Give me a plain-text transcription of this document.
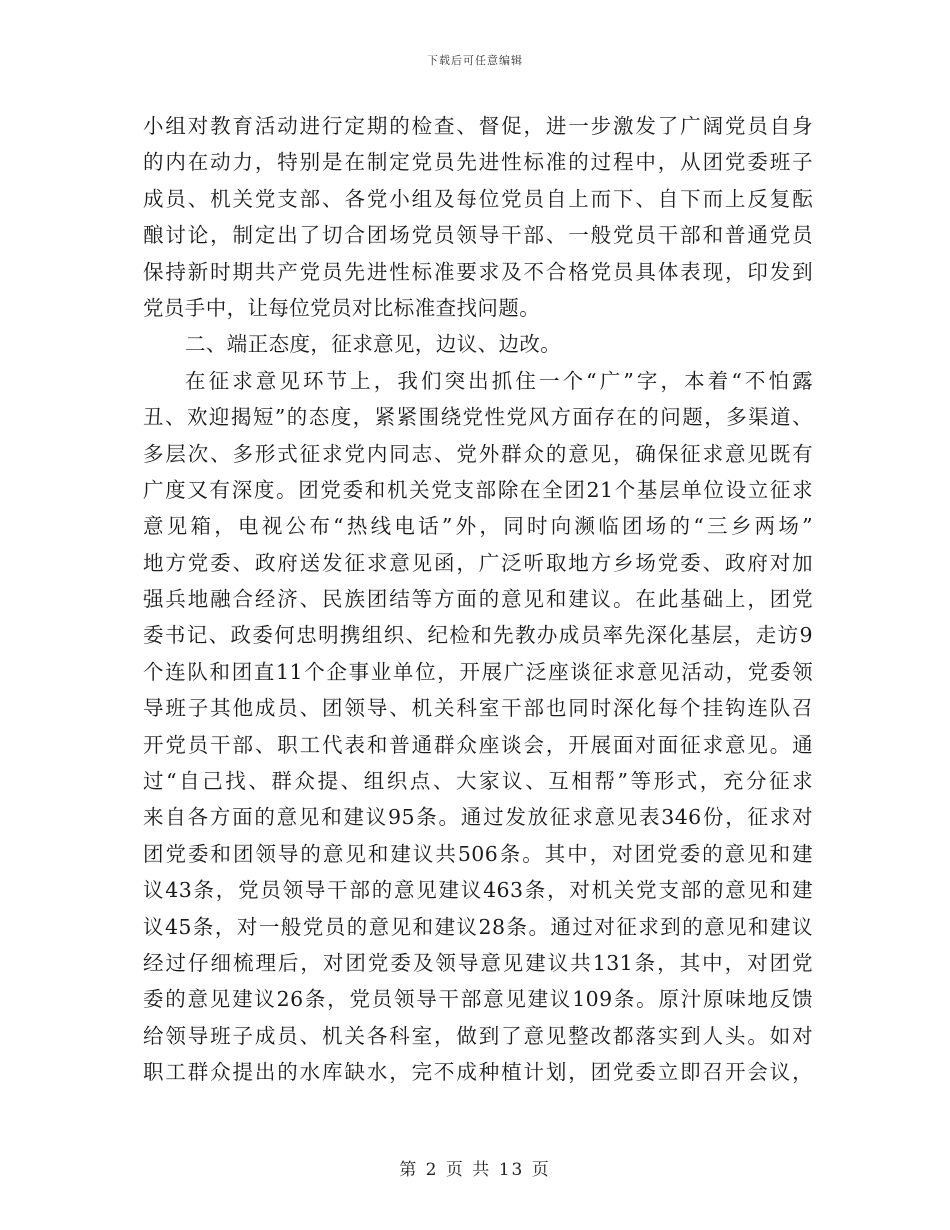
下载后可任意编辑
小组对教育活动进行定期的检查、督促，进一步激发了广阔党员自身
的内在动力，特别是在制定党员先进性标准的过程中，从团党委班子
成员、机关党支部、各党小组及每位党员自上而下、自下而上反复酝
酿讨论，制定出了切合团场党员领导干部、一般党员干部和普通党员
保持新时期共产党员先进性标准要求及不合格党员具体表现，印发到
党员手中，让每位党员对比标准查找问题。
二、端正态度，征求意见，边议、边改。
在征求意见环节上，我们突出抓住一个“广”字，本着“不怕露
丑、欢迎揭短”的态度，紧紧围绕党性党风方面存在的问题，多渠道、
多层次、多形式征求党内同志、党外群众的意见，确保征求意见既有
广度又有深度。团党委和机关党支部除在全团21个基层单位设立征求
意见箱，电视公布“热线电话”外，同时向濒临团场的“三乡两场”
地方党委、政府送发征求意见函，广泛听取地方乡场党委、政府对加
强兵地融合经济、民族团结等方面的意见和建议。在此基础上，团党
委书记、政委何忠明携组织、纪检和先教办成员率先深化基层，走访9
个连队和团直11个企事业单位，开展广泛座谈征求意见活动，党委领
导班子其他成员、团领导、机关科室干部也同时深化每个挂钩连队召
开党员干部、职工代表和普通群众座谈会，开展面对面征求意见。通
过“自己找、群众提、组织点、大家议、互相帮”等形式，充分征求
来自各方面的意见和建议95条。通过发放征求意见表346份，征求对
团党委和团领导的意见和建议共506条。其中，对团党委的意见和建
议43条，党员领导干部的意见建议463条，对机关党支部的意见和建
议45条，对一般党员的意见和建议28条。通过对征求到的意见和建议
经过仔细梳理后，对团党委及领导意见建议共131条，其中，对团党
委的意见建议26条，党员领导干部意见建议109条。原汁原味地反馈
给领导班子成员、机关各科室，做到了意见整改都落实到人头。如对
职工群众提出的水库缺水，完不成种植计划，团党委立即召开会议，
第 2 页 共 13 页
